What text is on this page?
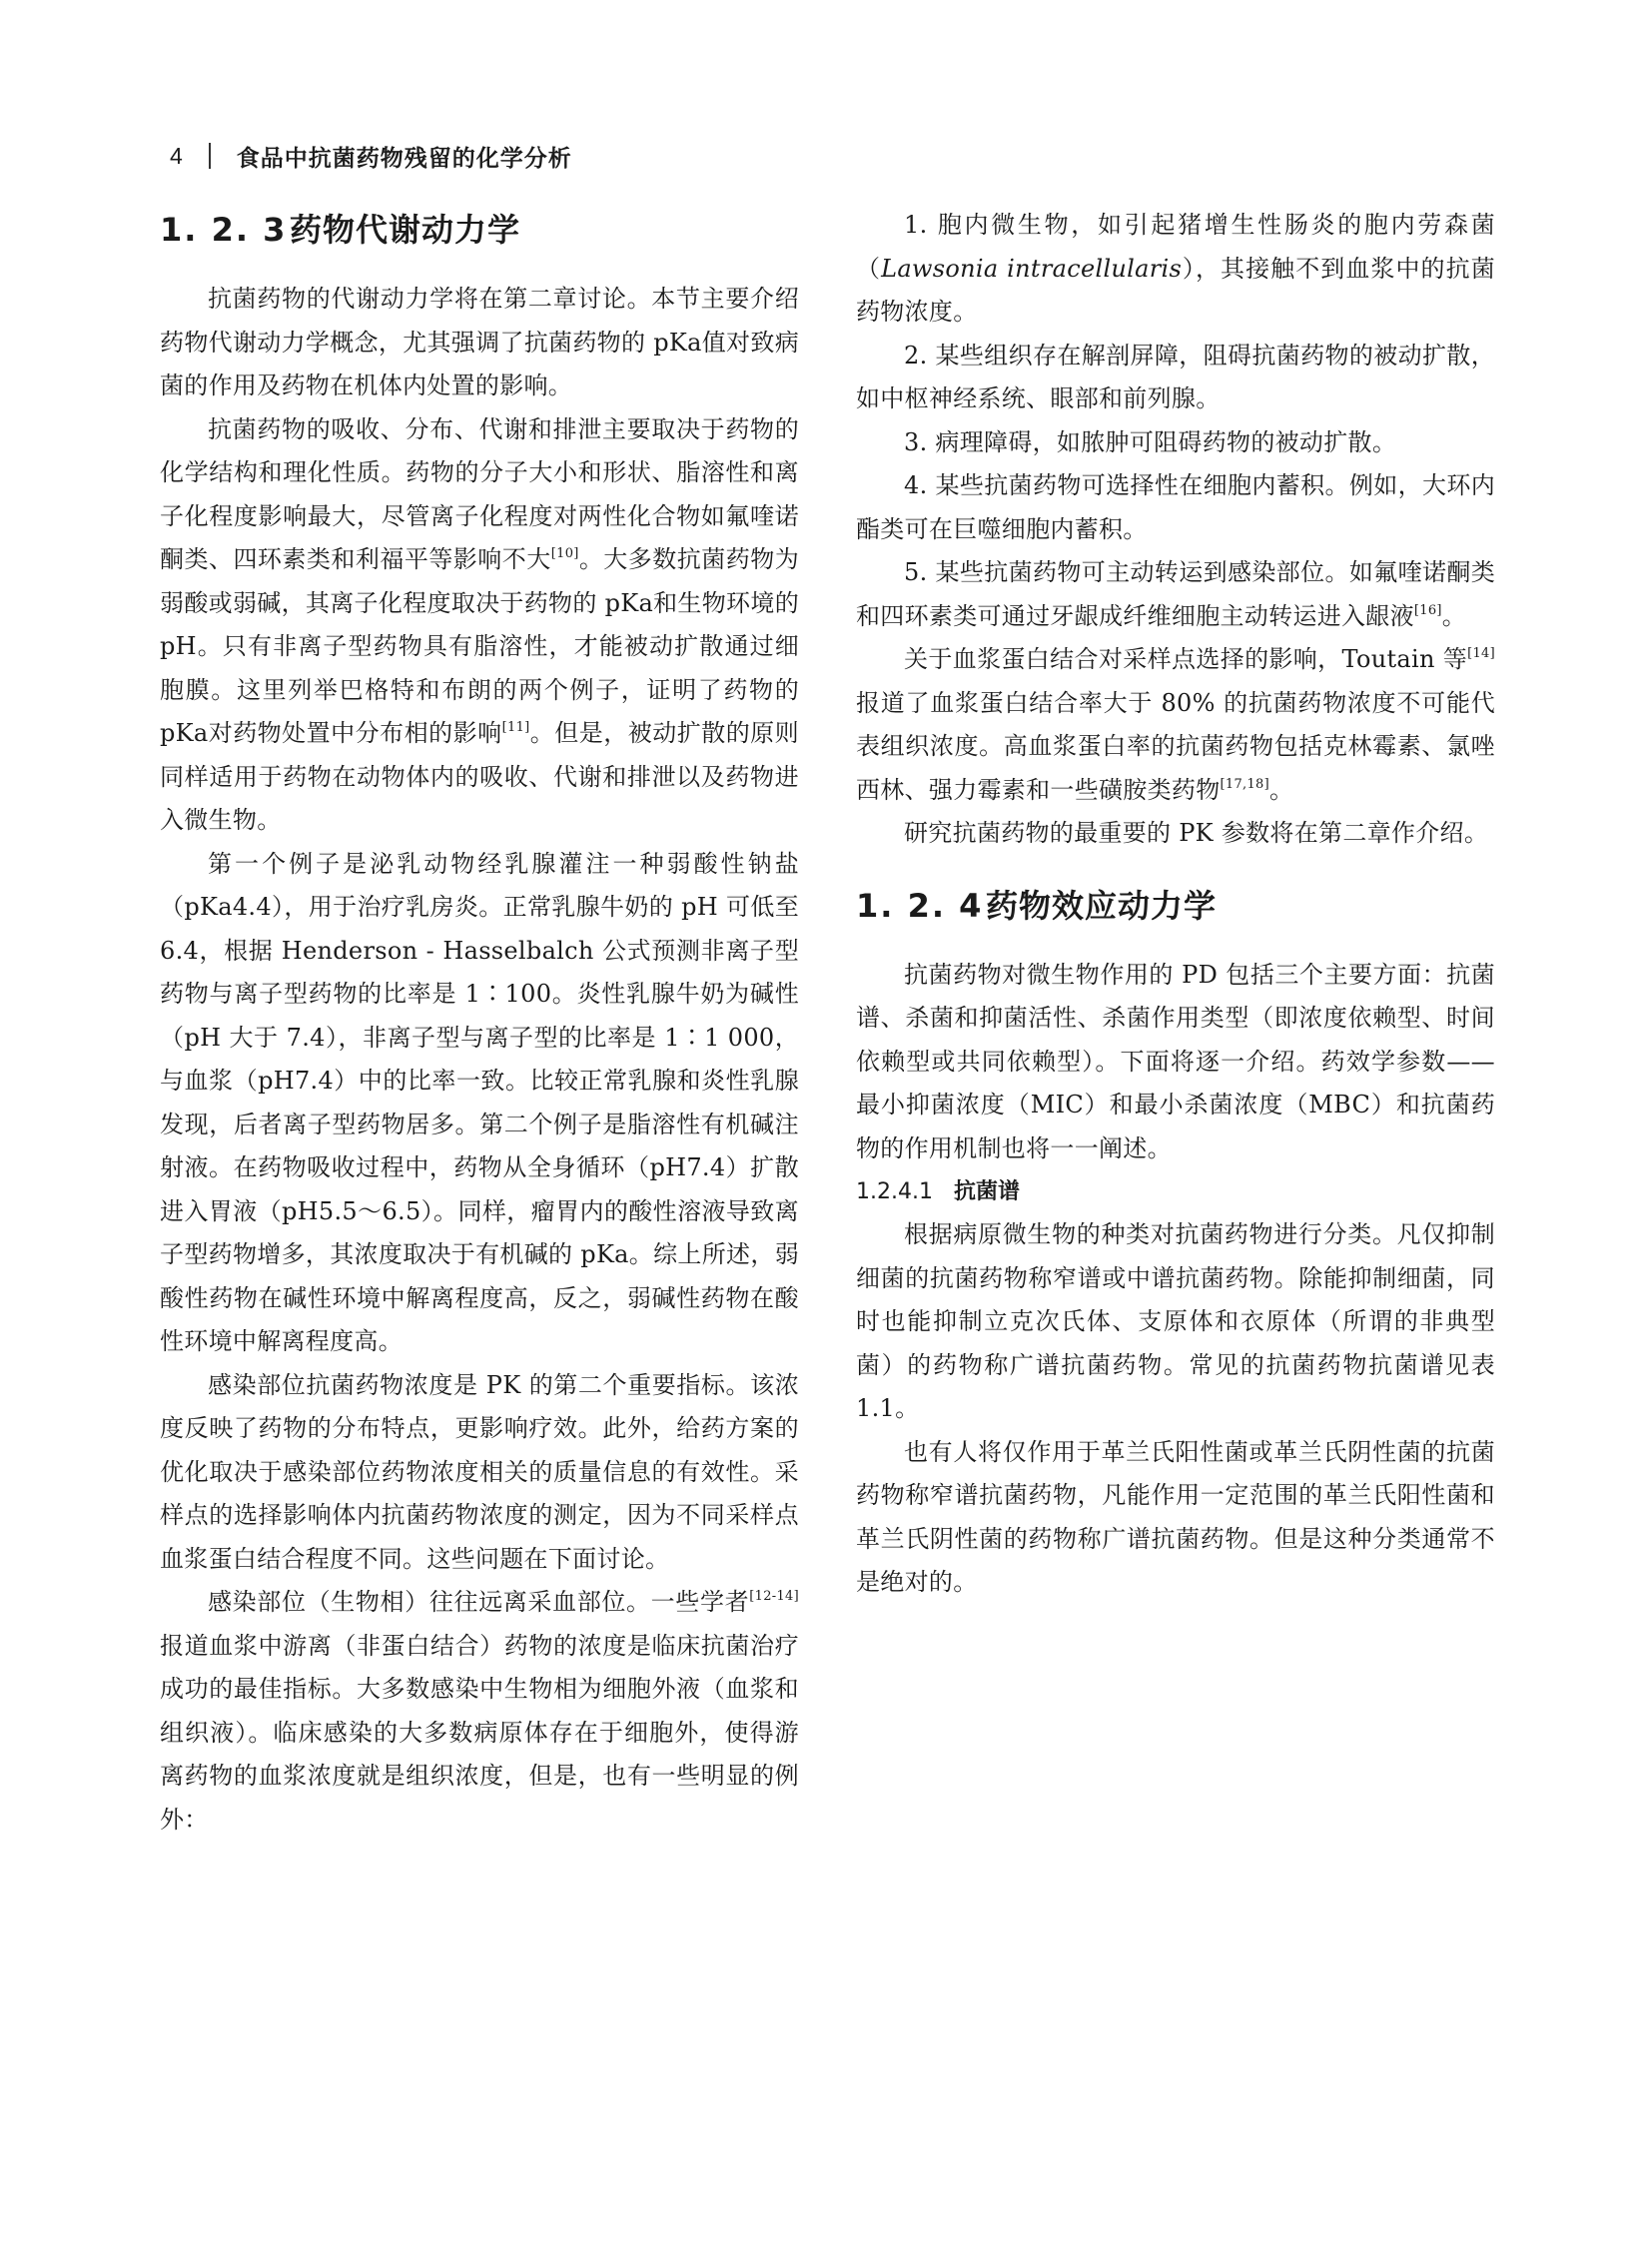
4 食品中抗菌药物残留的化学分析
1. 2. 3药物代谢动力学

抗菌药物的代谢动力学将在第二章讨论。本节主要介绍药物代谢动力学概念，尤其强调了抗菌药物的 pKa值对致病菌的作用及药物在机体内处置的影响。

抗菌药物的吸收、分布、代谢和排泄主要取决于药物的化学结构和理化性质。药物的分子大小和形状、脂溶性和离子化程度影响最大，尽管离子化程度对两性化合物如氟喹诺酮类、四环素类和利福平等影响不大[10]。大多数抗菌药物为弱酸或弱碱，其离子化程度取决于药物的 pKa和生物环境的 pH。只有非离子型药物具有脂溶性，才能被动扩散通过细胞膜。这里列举巴格特和布朗的两个例子，证明了药物的 pKa对药物处置中分布相的影响[11]。但是，被动扩散的原则同样适用于药物在动物体内的吸收、代谢和排泄以及药物进入微生物。

第一个例子是泌乳动物经乳腺灌注一种弱酸性钠盐（pKa4.4），用于治疗乳房炎。正常乳腺牛奶的 pH 可低至 6.4，根据 Henderson - Hasselbalch 公式预测非离子型药物与离子型药物的比率是 1∶100。炎性乳腺牛奶为碱性（pH 大于 7.4），非离子型与离子型的比率是 1∶1 000，与血浆（pH7.4）中的比率一致。比较正常乳腺和炎性乳腺发现，后者离子型药物居多。第二个例子是脂溶性有机碱注射液。在药物吸收过程中，药物从全身循环（pH7.4）扩散进入胃液（pH5.5～6.5）。同样，瘤胃内的酸性溶液导致离子型药物增多，其浓度取决于有机碱的 pKa。综上所述，弱酸性药物在碱性环境中解离程度高，反之，弱碱性药物在酸性环境中解离程度高。

感染部位抗菌药物浓度是 PK 的第二个重要指标。该浓度反映了药物的分布特点，更影响疗效。此外，给药方案的优化取决于感染部位药物浓度相关的质量信息的有效性。采样点的选择影响体内抗菌药物浓度的测定，因为不同采样点血浆蛋白结合程度不同。这些问题在下面讨论。

感染部位（生物相）往往远离采血部位。一些学者[12-14]报道血浆中游离（非蛋白结合）药物的浓度是临床抗菌治疗成功的最佳指标。大多数感染中生物相为细胞外液（血浆和组织液）。临床感染的大多数病原体存在于细胞外，使得游离药物的血浆浓度就是组织浓度，但是，也有一些明显的例外：

1. 胞内微生物，如引起猪增生性肠炎的胞内劳森菌（Lawsonia intracellularis），其接触不到血浆中的抗菌药物浓度。

2. 某些组织存在解剖屏障，阻碍抗菌药物的被动扩散，如中枢神经系统、眼部和前列腺。

3. 病理障碍，如脓肿可阻碍药物的被动扩散。

4. 某些抗菌药物可选择性在细胞内蓄积。例如，大环内酯类可在巨噬细胞内蓄积。

5. 某些抗菌药物可主动转运到感染部位。如氟喹诺酮类和四环素类可通过牙龈成纤维细胞主动转运进入龈液[16]。

关于血浆蛋白结合对采样点选择的影响，Toutain 等[14]报道了血浆蛋白结合率大于 80% 的抗菌药物浓度不可能代表组织浓度。高血浆蛋白率的抗菌药物包括克林霉素、氯唑西林、强力霉素和一些磺胺类药物[17,18]。

研究抗菌药物的最重要的 PK 参数将在第二章作介绍。

1. 2. 4药物效应动力学

抗菌药物对微生物作用的 PD 包括三个主要方面：抗菌谱、杀菌和抑菌活性、杀菌作用类型（即浓度依赖型、时间依赖型或共同依赖型）。下面将逐一介绍。药效学参数——最小抑菌浓度（MIC）和最小杀菌浓度（MBC）和抗菌药物的作用机制也将一一阐述。

1.2.4.1 抗菌谱

根据病原微生物的种类对抗菌药物进行分类。凡仅抑制细菌的抗菌药物称窄谱或中谱抗菌药物。除能抑制细菌，同时也能抑制立克次氏体、支原体和衣原体（所谓的非典型菌）的药物称广谱抗菌药物。常见的抗菌药物抗菌谱见表 1.1。

也有人将仅作用于革兰氏阳性菌或革兰氏阴性菌的抗菌药物称窄谱抗菌药物，凡能作用一定范围的革兰氏阳性菌和革兰氏阴性菌的药物称广谱抗菌药物。但是这种分类通常不是绝对的。
